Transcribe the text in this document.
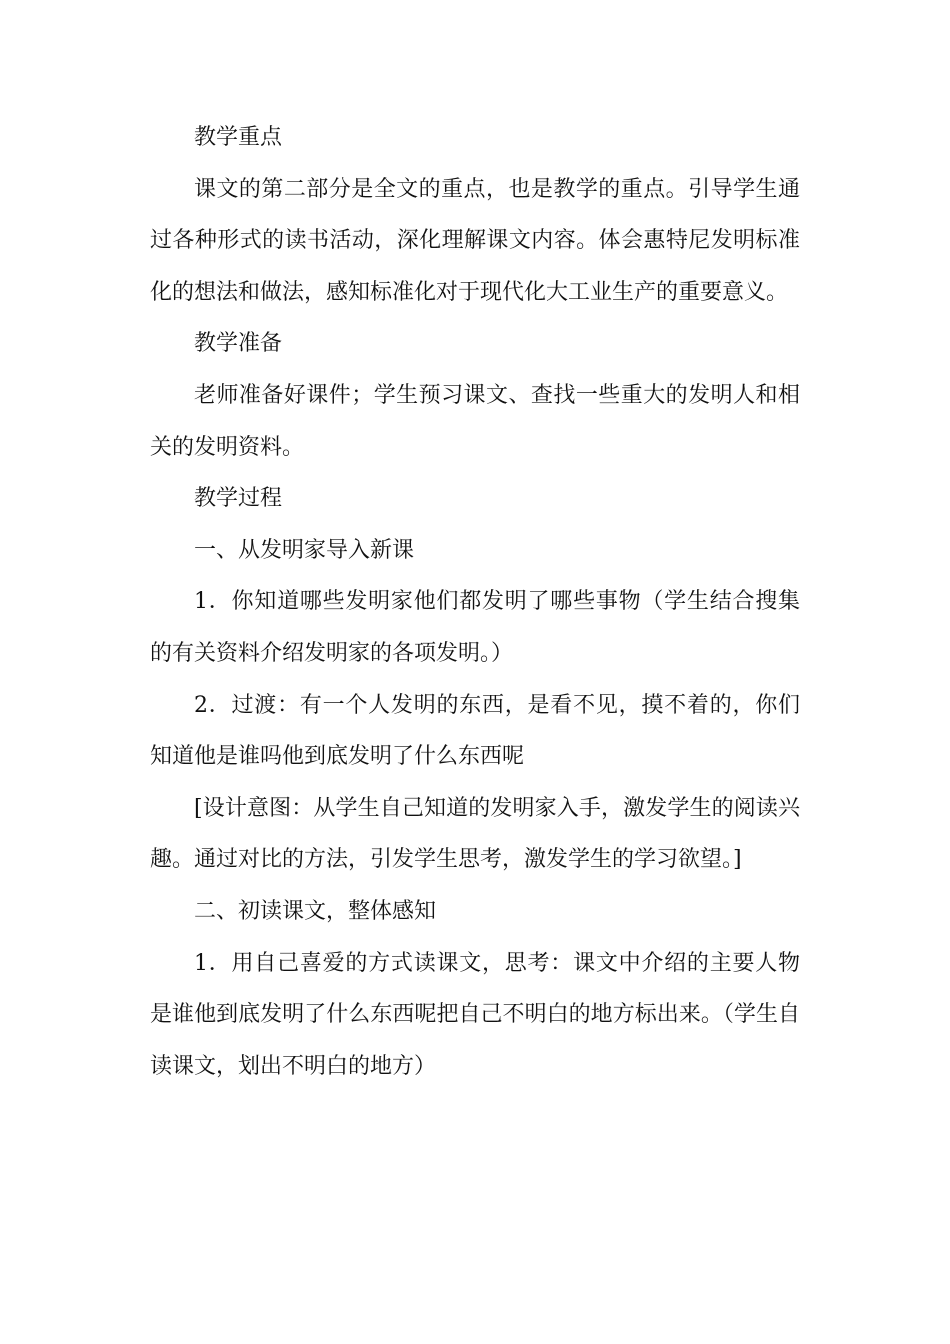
教学重点

课文的第二部分是全文的重点，也是教学的重点。引导学生通过各种形式的读书活动，深化理解课文内容。体会惠特尼发明标准化的想法和做法，感知标准化对于现代化大工业生产的重要意义。

教学准备

老师准备好课件；学生预习课文、查找一些重大的发明人和相关的发明资料。

教学过程

一、从发明家导入新课

1．你知道哪些发明家他们都发明了哪些事物（学生结合搜集的有关资料介绍发明家的各项发明。）

2．过渡：有一个人发明的东西，是看不见，摸不着的，你们知道他是谁吗他到底发明了什么东西呢

[设计意图：从学生自己知道的发明家入手，激发学生的阅读兴趣。通过对比的方法，引发学生思考，激发学生的学习欲望。]

二、初读课文，整体感知

1．用自己喜爱的方式读课文，思考：课文中介绍的主要人物是谁他到底发明了什么东西呢把自己不明白的地方标出来。（学生自读课文，划出不明白的地方）
